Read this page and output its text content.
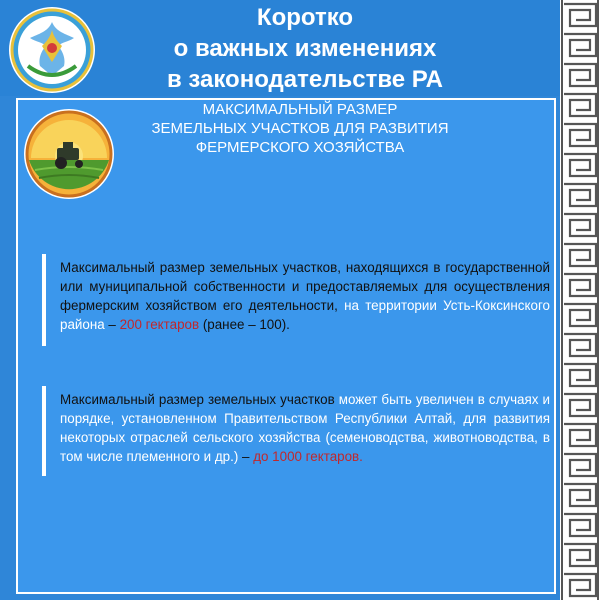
Коротко
о важных изменениях
в законодательстве РА
МАКСИМАЛЬНЫЙ РАЗМЕР
ЗЕМЕЛЬНЫХ УЧАСТКОВ ДЛЯ РАЗВИТИЯ
ФЕРМЕРСКОГО ХОЗЯЙСТВА
Максимальный размер земельных участков, находящихся в государственной или муниципальной собственности и предоставляемых для осуществления фермерским хозяйством его деятельности, на территории Усть-Коксинского района – 200 гектаров (ранее – 100).
Максимальный размер земельных участков может быть увеличен в случаях и порядке, установленном Правительством Республики Алтай, для развития некоторых отраслей сельского хозяйства (семеноводства, животноводства, в том числе племенного и др.) – до 1000 гектаров.
